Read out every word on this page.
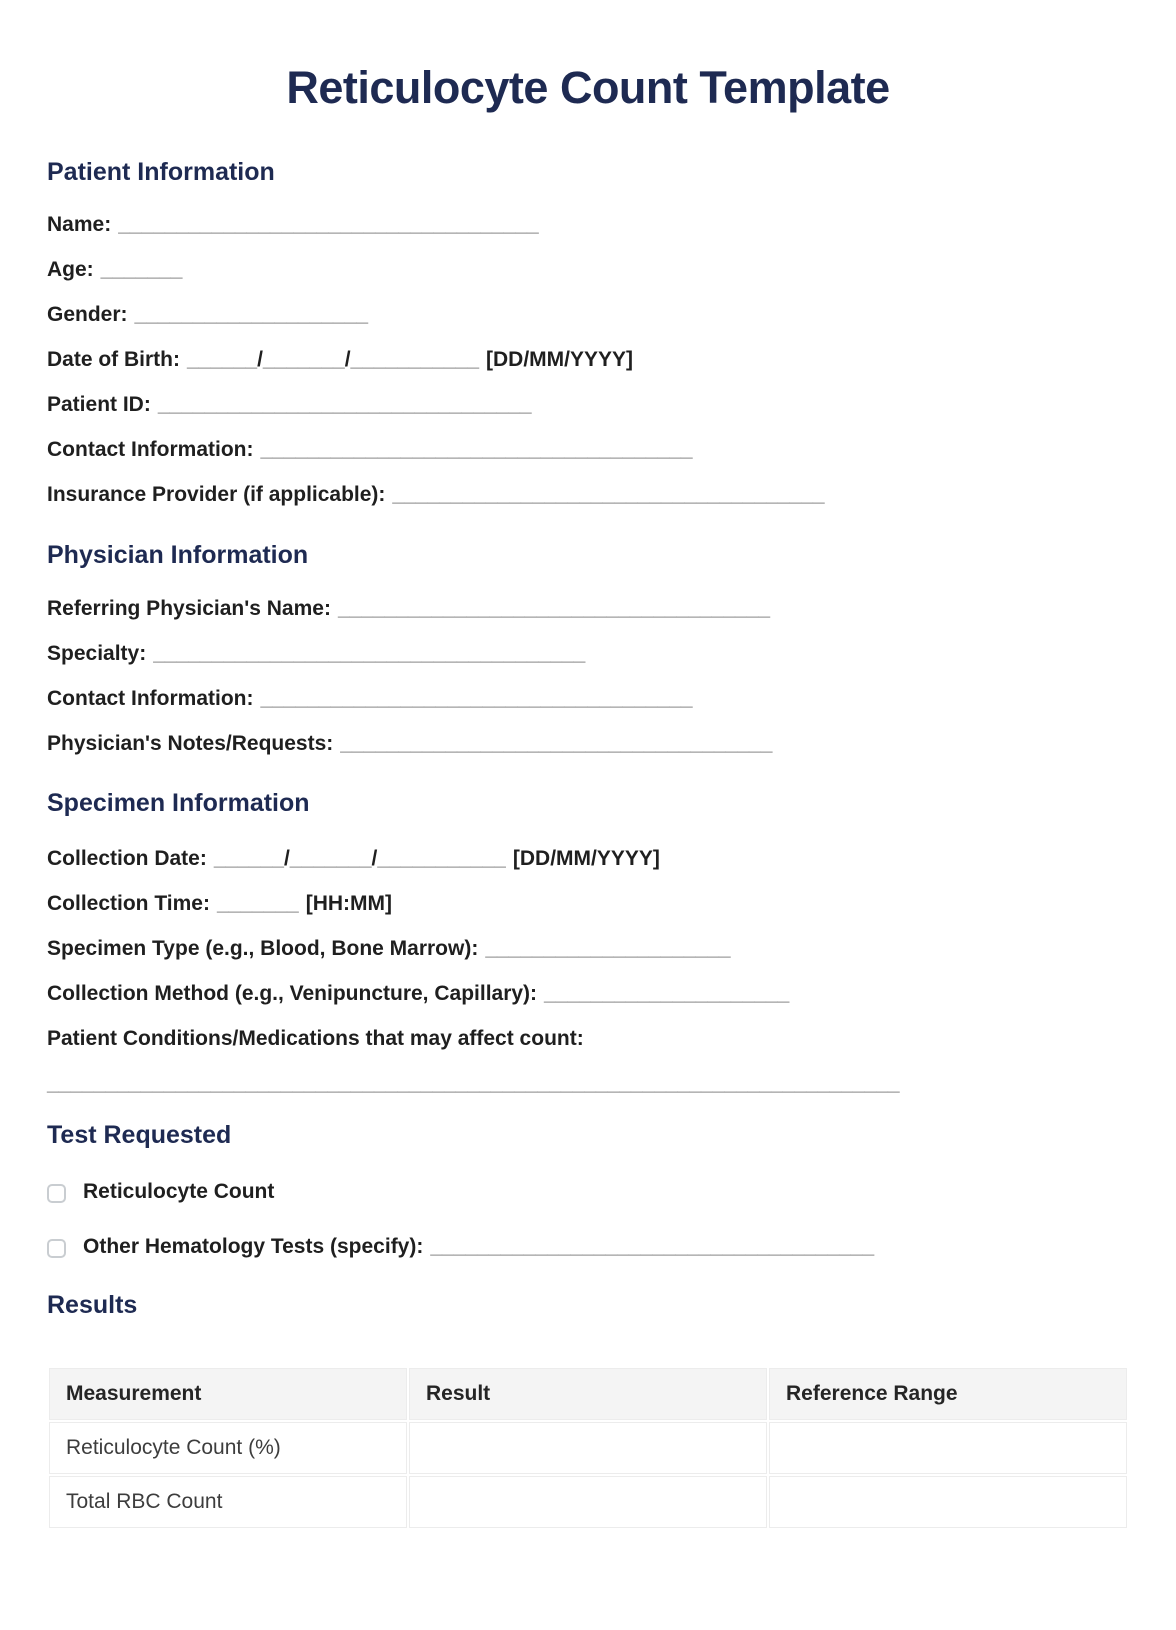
Reticulocyte Count Template
Patient Information
Name: ____________________________________
Age: _______
Gender: ____________________
Date of Birth: ______/_______/___________ [DD/MM/YYYY]
Patient ID: ________________________________
Contact Information: _____________________________________
Insurance Provider (if applicable): _____________________________________
Physician Information
Referring Physician's Name: _____________________________________
Specialty: _____________________________________
Contact Information: _____________________________________
Physician's Notes/Requests: _____________________________________
Specimen Information
Collection Date: ______/_______/___________ [DD/MM/YYYY]
Collection Time: _______ [HH:MM]
Specimen Type (e.g., Blood, Bone Marrow): _____________________
Collection Method (e.g., Venipuncture, Capillary): _____________________
Patient Conditions/Medications that may affect count:
_________________________________________________________________________
Test Requested
Reticulocyte Count
Other Hematology Tests (specify): ______________________________________
Results
Measurement	Result	Reference Range
Reticulocyte Count (%)		
Total RBC Count		
